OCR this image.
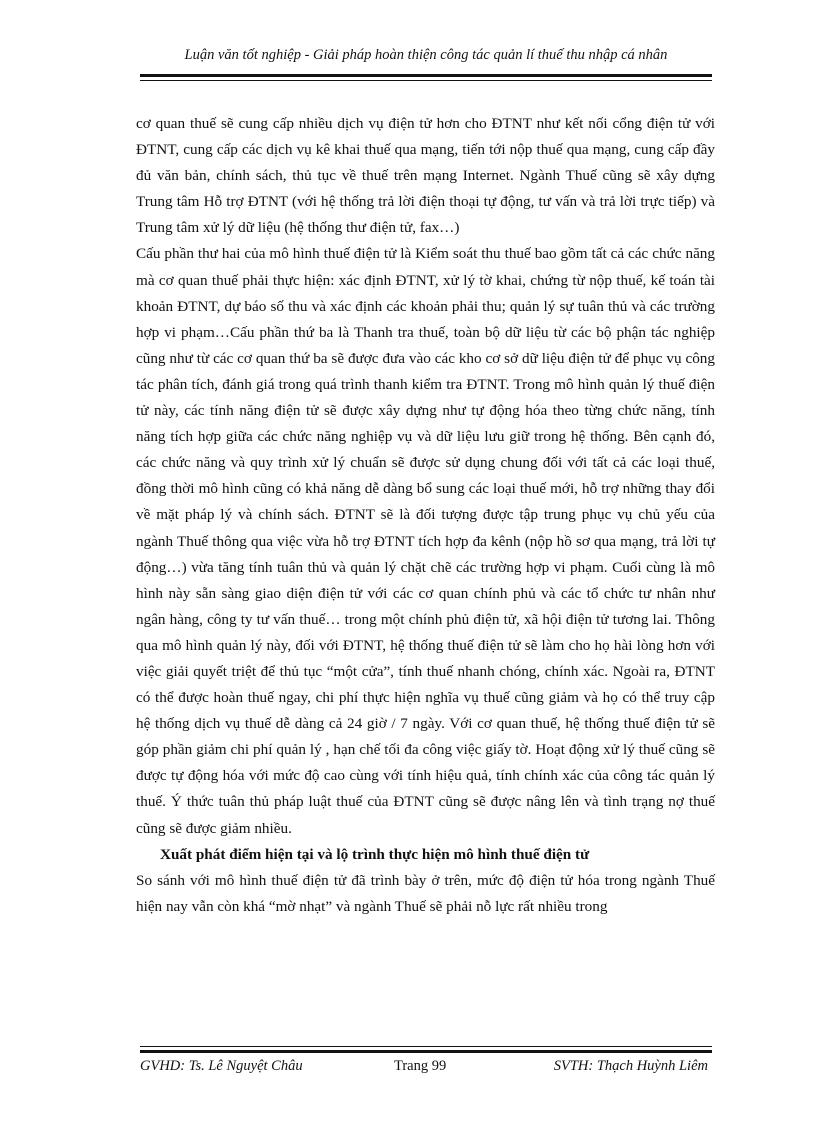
Luận văn tốt nghiệp - Giải pháp hoàn thiện công tác quản lí thuế thu nhập cá nhân

cơ quan thuế sẽ cung cấp nhiều dịch vụ điện tử hơn cho ĐTNT như kết nối cổng điện tử với ĐTNT, cung cấp các dịch vụ kê khai thuế qua mạng, tiến tới nộp thuế qua mạng, cung cấp đầy đủ văn bản, chính sách, thủ tục về thuế trên mạng Internet. Ngành Thuế cũng sẽ xây dựng Trung tâm Hỗ trợ ĐTNT (với hệ thống trả lời điện thoại tự động, tư vấn và trả lời trực tiếp) và Trung tâm xử lý dữ liệu (hệ thống thư điện tử, fax…)

Cấu phần thư hai của mô hình thuế điện tử là Kiểm soát thu thuế bao gồm tất cả các chức năng mà cơ quan thuế phải thực hiện: xác định ĐTNT, xử lý tờ khai, chứng từ nộp thuế, kế toán tài khoản ĐTNT, dự báo số thu và xác định các khoản phải thu; quản lý sự tuân thủ và các trường hợp vi phạm…Cấu phần thứ ba là Thanh tra thuế, toàn bộ dữ liệu từ các bộ phận tác nghiệp cũng như từ các cơ quan thứ ba sẽ được đưa vào các kho cơ sở dữ liệu điện tử để phục vụ công tác phân tích, đánh giá trong quá trình thanh kiểm tra ĐTNT. Trong mô hình quản lý thuế điện tử này, các tính năng điện tử sẽ được xây dựng như tự động hóa theo từng chức năng, tính năng tích hợp giữa các chức năng nghiệp vụ và dữ liệu lưu giữ trong hệ thống. Bên cạnh đó, các chức năng và quy trình xử lý chuẩn sẽ được sử dụng chung đối với tất cả các loại thuế, đồng thời mô hình cũng có khả năng dễ dàng bổ sung các loại thuế mới, hỗ trợ những thay đổi về mặt pháp lý và chính sách. ĐTNT sẽ là đối tượng được tập trung phục vụ chủ yếu của ngành Thuế thông qua việc vừa hỗ trợ ĐTNT tích hợp đa kênh (nộp hồ sơ qua mạng, trả lời tự động…) vừa tăng tính tuân thủ và quản lý chặt chẽ các trường hợp vi phạm. Cuối cùng là mô hình này sẵn sàng giao diện điện tử với các cơ quan chính phủ và các tổ chức tư nhân như ngân hàng, công ty tư vấn thuế… trong một chính phủ điện tử, xã hội điện tử tương lai. Thông qua mô hình quản lý này, đối với ĐTNT, hệ thống thuế điện tử sẽ làm cho họ hài lòng hơn với việc giải quyết triệt để thủ tục “một cửa”, tính thuế nhanh chóng, chính xác. Ngoài ra, ĐTNT có thể được hoàn thuế ngay, chi phí thực hiện nghĩa vụ thuế cũng giảm và họ có thể truy cập hệ thống dịch vụ thuế dễ dàng cả 24 giờ / 7 ngày. Với cơ quan thuế, hệ thống thuế điện tử sẽ góp phần giảm chi phí quản lý , hạn chế tối đa công việc giấy tờ. Hoạt động xử lý thuế cũng sẽ được tự động hóa với mức độ cao cùng với tính hiệu quả, tính chính xác của công tác quản lý thuế. Ý thức tuân thủ pháp luật thuế của ĐTNT cũng sẽ được nâng lên và tình trạng nợ thuế cũng sẽ được giảm nhiều.

Xuất phát điểm hiện tại và lộ trình thực hiện mô hình thuế điện tử

So sánh với mô hình thuế điện tử đã trình bày ở trên, mức độ điện tử hóa trong ngành Thuế hiện nay vẫn còn khá “mờ nhạt” và ngành Thuế sẽ phải nỗ lực rất nhiều trong

GVHD: Ts. Lê Nguyệt Châu	Trang 99	SVTH: Thạch Huỳnh Liêm
